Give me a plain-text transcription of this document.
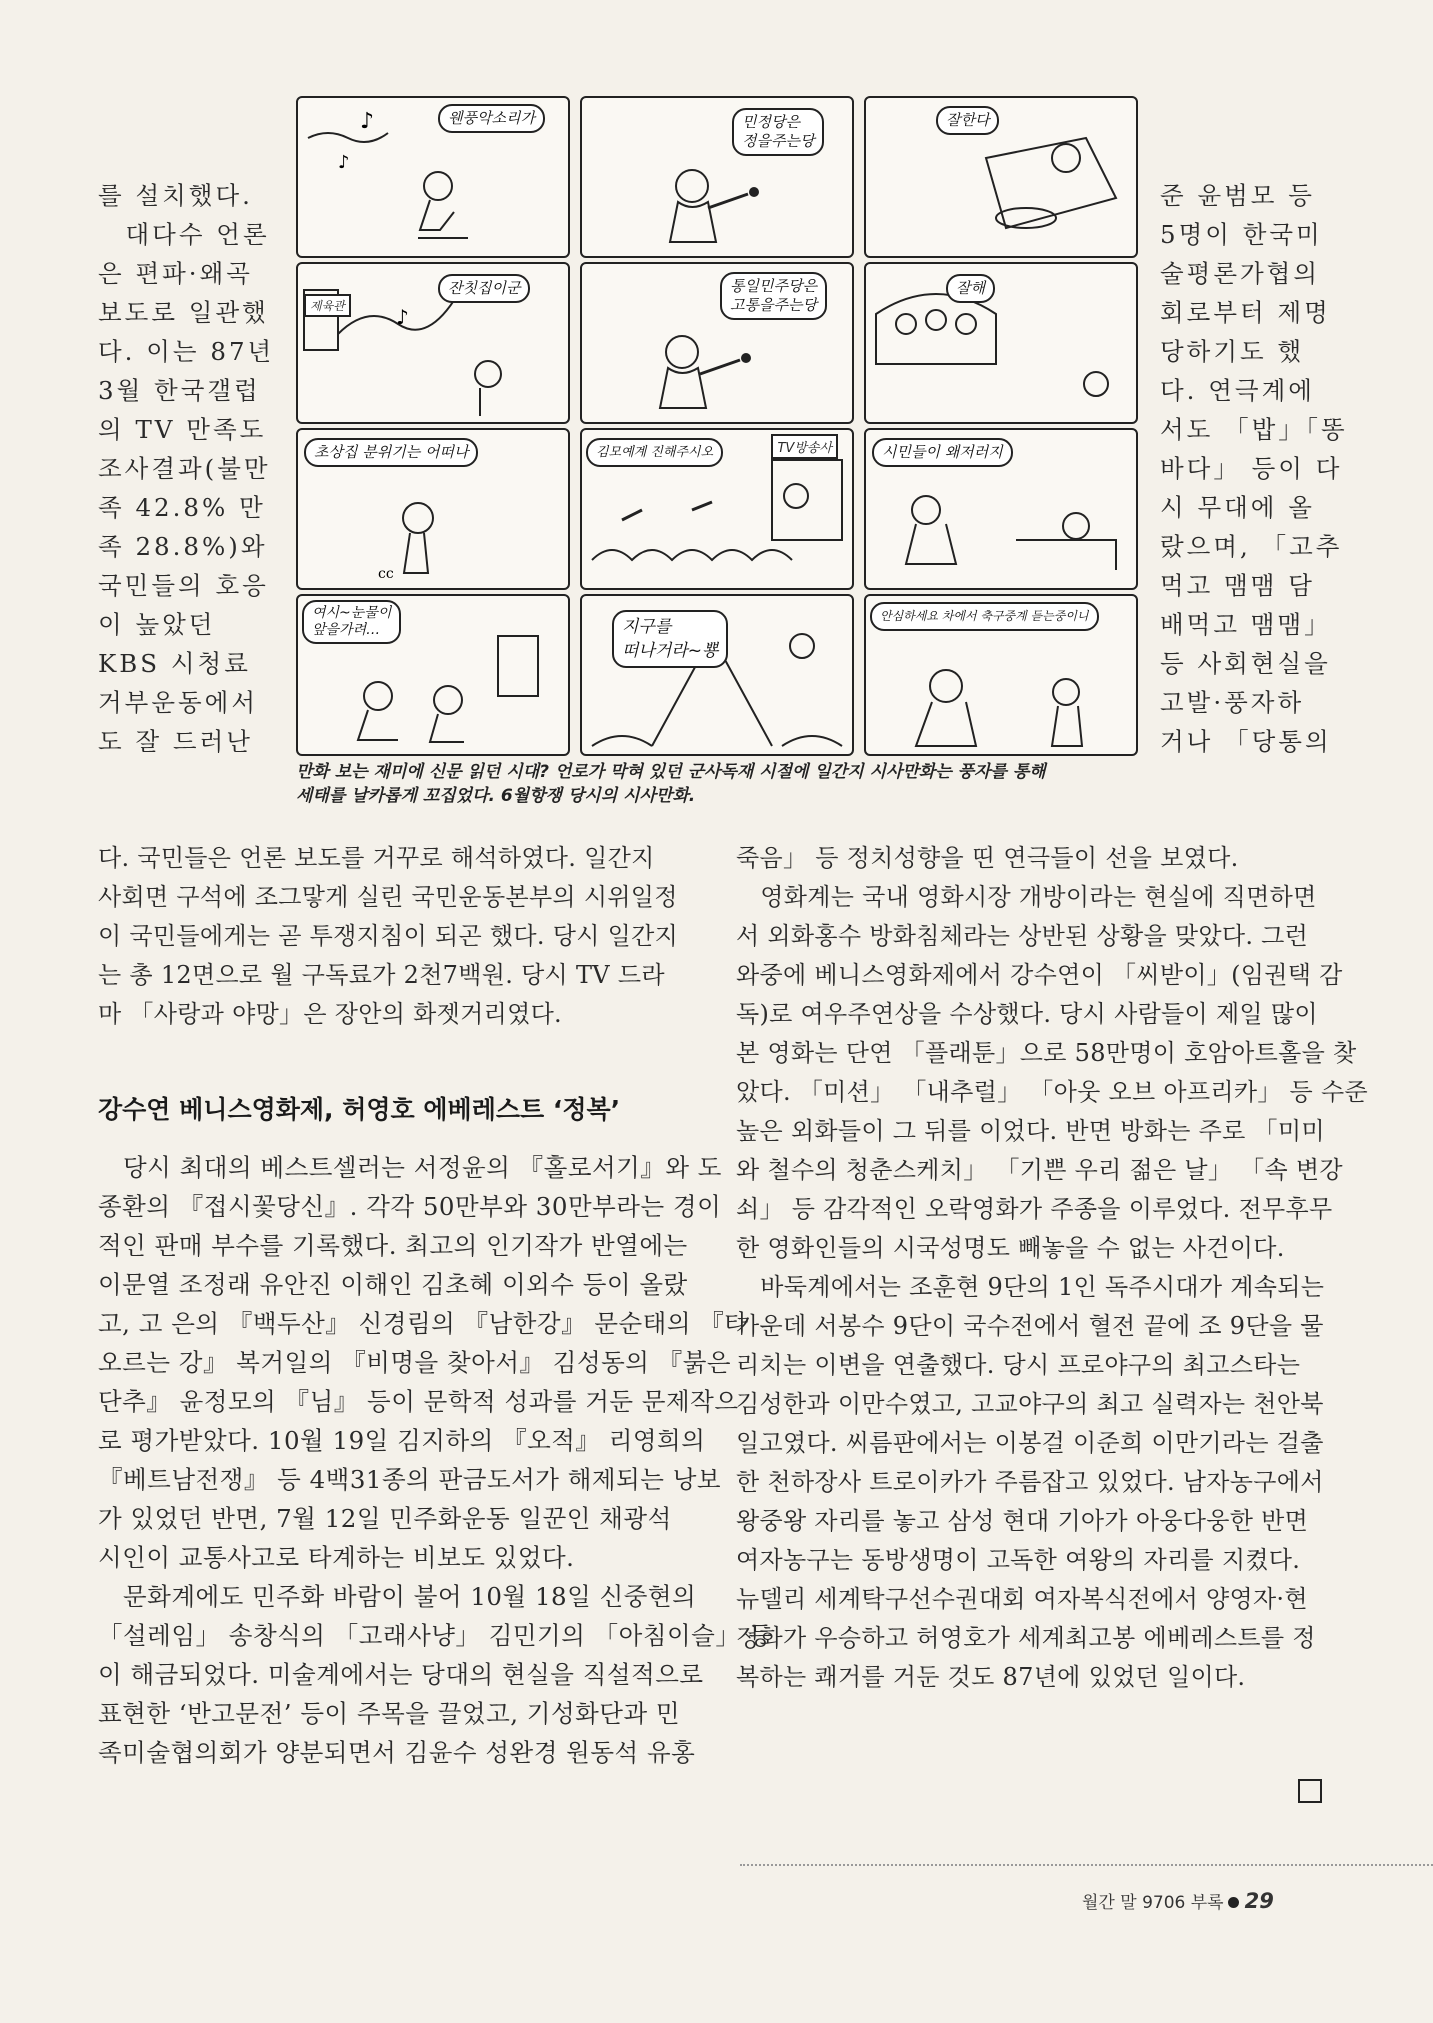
를 설치했다.
　대다수 언론
은 편파·왜곡
보도로 일관했
다. 이는 87년
3월 한국갤럽
의 TV 만족도
조사결과(불만
족 42.8% 만
족 28.8%)와
국민들의 호응
이 높았던
KBS 시청료
거부운동에서
도 잘 드러난
다. 국민들은 언론 보도를 거꾸로 해석하였다. 일간지
사회면 구석에 조그맣게 실린 국민운동본부의 시위일정
이 국민들에게는 곧 투쟁지침이 되곤 했다. 당시 일간지
는 총 12면으로 월 구독료가 2천7백원. 당시 TV 드라
마 「사랑과 야망」은 장안의 화젯거리였다.
강수연 베니스영화제, 허영호 에베레스트 ‘정복’
　당시 최대의 베스트셀러는 서정윤의 『홀로서기』와 도
종환의 『접시꽃당신』. 각각 50만부와 30만부라는 경이
적인 판매 부수를 기록했다. 최고의 인기작가 반열에는
이문열 조정래 유안진 이해인 김초혜 이외수 등이 올랐
고, 고 은의 『백두산』 신경림의 『남한강』 문순태의 『타
오르는 강』 복거일의 『비명을 찾아서』 김성동의 『붉은
단추』 윤정모의 『님』 등이 문학적 성과를 거둔 문제작으
로 평가받았다. 10월 19일 김지하의 『오적』 리영희의
『베트남전쟁』 등 4백31종의 판금도서가 해제되는 낭보
가 있었던 반면, 7월 12일 민주화운동 일꾼인 채광석
시인이 교통사고로 타계하는 비보도 있었다.
　문화계에도 민주화 바람이 불어 10월 18일 신중현의
「설레임」 송창식의 「고래사냥」 김민기의 「아침이슬」 등
이 해금되었다. 미술계에서는 당대의 현실을 직설적으로
표현한 ‘반고문전’ 등이 주목을 끌었고, 기성화단과 민
족미술협의회가 양분되면서 김윤수 성완경 원동석 유홍
준 윤범모 등
5명이 한국미
술평론가협의
회로부터 제명
당하기도 했
다. 연극계에
서도 「밥」「똥
바다」 등이 다
시 무대에 올
랐으며, 「고추
먹고 맴맴 담
배먹고 맴맴」
등 사회현실을
고발·풍자하
거나 「당통의
죽음」 등 정치성향을 띤 연극들이 선을 보였다.
　영화계는 국내 영화시장 개방이라는 현실에 직면하면
서 외화홍수 방화침체라는 상반된 상황을 맞았다. 그런
와중에 베니스영화제에서 강수연이 「씨받이」(임권택 감
독)로 여우주연상을 수상했다. 당시 사람들이 제일 많이
본 영화는 단연 「플래툰」으로 58만명이 호암아트홀을 찾
았다. 「미션」 「내추럴」 「아웃 오브 아프리카」 등 수준
높은 외화들이 그 뒤를 이었다. 반면 방화는 주로 「미미
와 철수의 청춘스케치」 「기쁜 우리 젊은 날」 「속 변강
쇠」 등 감각적인 오락영화가 주종을 이루었다. 전무후무
한 영화인들의 시국성명도 빼놓을 수 없는 사건이다.
　바둑계에서는 조훈현 9단의 1인 독주시대가 계속되는
가운데 서봉수 9단이 국수전에서 혈전 끝에 조 9단을 물
리치는 이변을 연출했다. 당시 프로야구의 최고스타는
김성한과 이만수였고, 고교야구의 최고 실력자는 천안북
일고였다. 씨름판에서는 이봉걸 이준희 이만기라는 걸출
한 천하장사 트로이카가 주름잡고 있었다. 남자농구에서
왕중왕 자리를 놓고 삼성 현대 기아가 아웅다웅한 반면
여자농구는 동방생명이 고독한 여왕의 자리를 지켰다.
뉴델리 세계탁구선수권대회 여자복식전에서 양영자·현
정화가 우승하고 허영호가 세계최고봉 에베레스트를 정
복하는 쾌거를 거둔 것도 87년에 있었던 일이다.
♪
♪
웬풍악소리가	민정당은
정을주는당
잘한다
♪
제육관
잔칫집이군	통일민주당은
고통을주는당
잘해
cc
초상집 분위기는 어떠나	김모예계 진해주시오	TV방송사	시민들이 왜저러지
여시~눈물이
앞을가려…	지구를
떠나거라~뿅
안심하세요 차에서 축구중계 듣는중이니
만화 보는 재미에 신문 읽던 시대? 언로가 막혀 있던 군사독재 시절에 일간지 시사만화는 풍자를 통해
세태를 날카롭게 꼬집었다. 6월항쟁 당시의 시사만화.
월간 말 9706 부록 29
